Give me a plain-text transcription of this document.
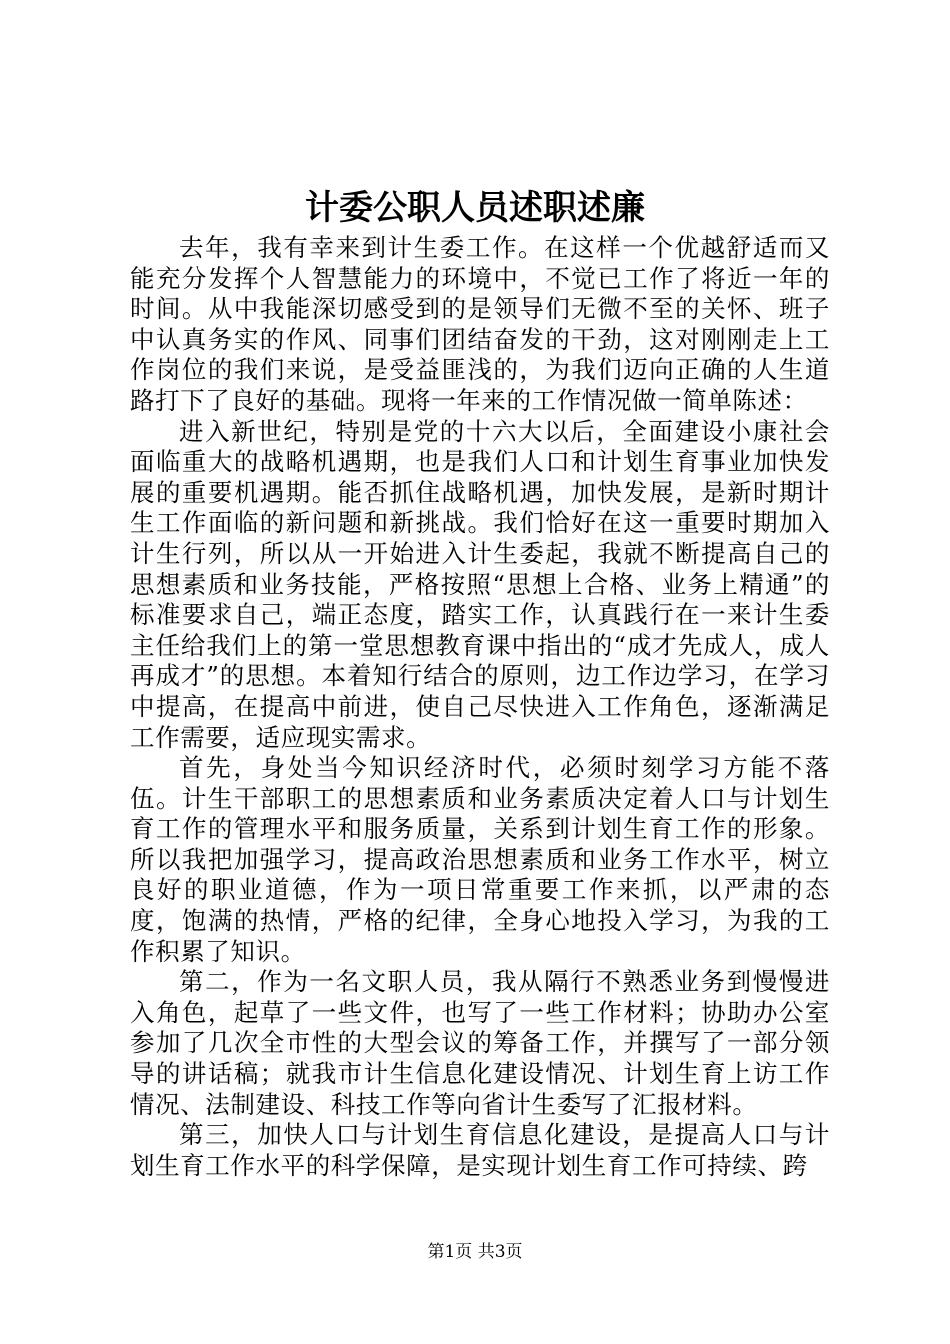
计委公职人员述职述廉

去年，我有幸来到计生委工作。在这样一个优越舒适而又能充分发挥个人智慧能力的环境中，不觉已工作了将近一年的时间。从中我能深切感受到的是领导们无微不至的关怀、班子中认真务实的作风、同事们团结奋发的干劲，这对刚刚走上工作岗位的我们来说，是受益匪浅的，为我们迈向正确的人生道路打下了良好的基础。现将一年来的工作情况做一简单陈述：

进入新世纪，特别是党的十六大以后，全面建设小康社会面临重大的战略机遇期，也是我们人口和计划生育事业加快发展的重要机遇期。能否抓住战略机遇，加快发展，是新时期计生工作面临的新问题和新挑战。我们恰好在这一重要时期加入计生行列，所以从一开始进入计生委起，我就不断提高自己的思想素质和业务技能，严格按照“思想上合格、业务上精通”的标准要求自己，端正态度，踏实工作，认真践行在一来计生委主任给我们上的第一堂思想教育课中指出的“成才先成人，成人再成才”的思想。本着知行结合的原则，边工作边学习，在学习中提高，在提高中前进，使自己尽快进入工作角色，逐渐满足工作需要，适应现实需求。

首先，身处当今知识经济时代，必须时刻学习方能不落伍。计生干部职工的思想素质和业务素质决定着人口与计划生育工作的管理水平和服务质量，关系到计划生育工作的形象。所以我把加强学习，提高政治思想素质和业务工作水平，树立良好的职业道德，作为一项日常重要工作来抓，以严肃的态度，饱满的热情，严格的纪律，全身心地投入学习，为我的工作积累了知识。

第二，作为一名文职人员，我从隔行不熟悉业务到慢慢进入角色，起草了一些文件，也写了一些工作材料；协助办公室参加了几次全市性的大型会议的筹备工作，并撰写了一部分领导的讲话稿；就我市计生信息化建设情况、计划生育上访工作情况、法制建设、科技工作等向省计生委写了汇报材料。

第三，加快人口与计划生育信息化建设，是提高人口与计划生育工作水平的科学保障，是实现计划生育工作可持续、跨

第1页 共3页
